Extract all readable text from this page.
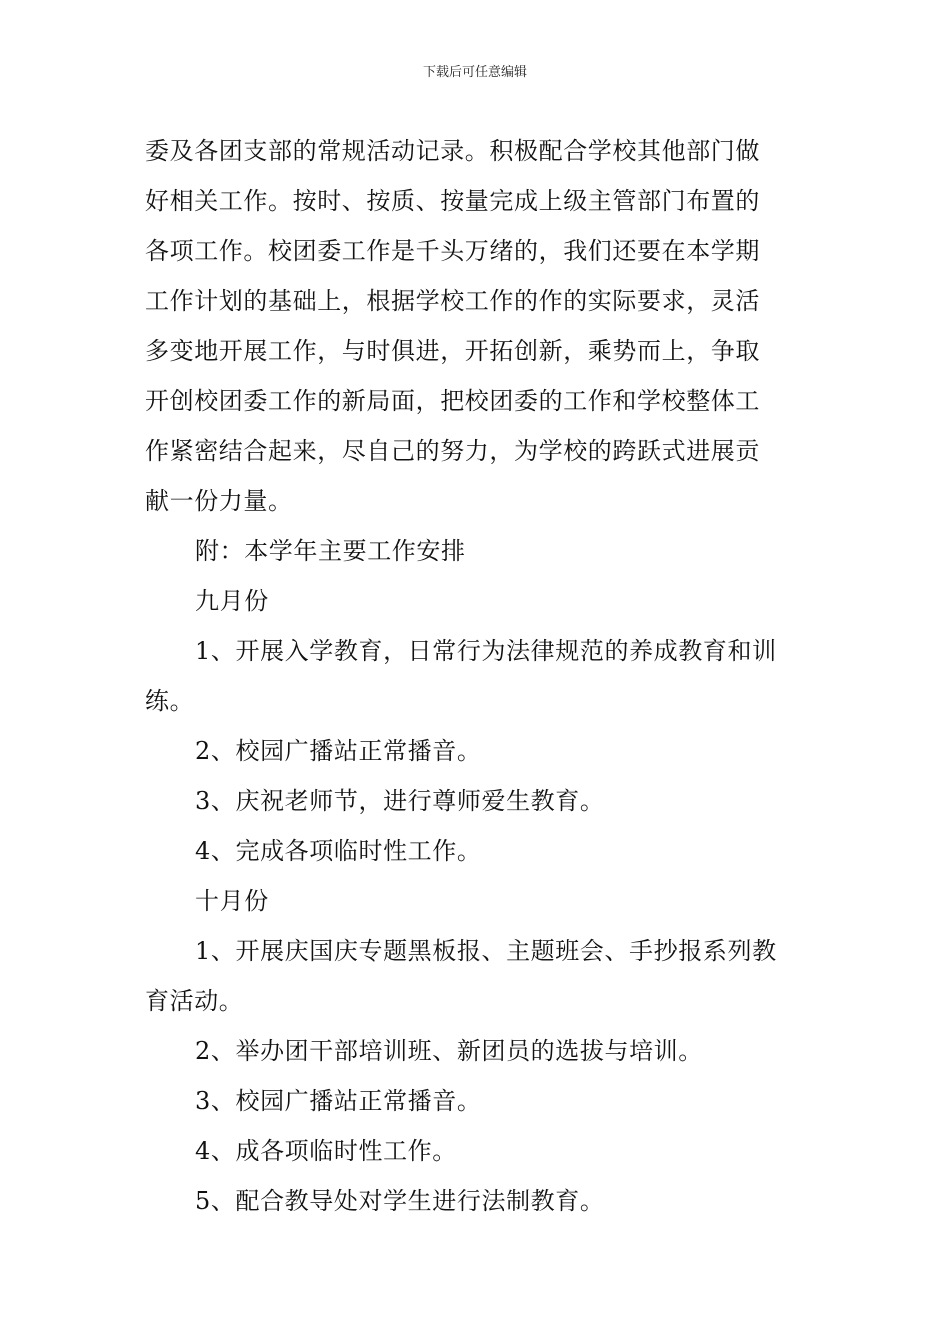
下载后可任意编辑
委及各团支部的常规活动记录。积极配合学校其他部门做
好相关工作。按时、按质、按量完成上级主管部门布置的
各项工作。校团委工作是千头万绪的，我们还要在本学期
工作计划的基础上，根据学校工作的作的实际要求，灵活
多变地开展工作，与时俱进，开拓创新，乘势而上，争取
开创校团委工作的新局面，把校团委的工作和学校整体工
作紧密结合起来，尽自己的努力，为学校的跨跃式进展贡
献一份力量。
附：本学年主要工作安排
九月份
1、开展入学教育，日常行为法律规范的养成教育和训
练。
2、校园广播站正常播音。
3、庆祝老师节，进行尊师爱生教育。
4、完成各项临时性工作。
十月份
1、开展庆国庆专题黑板报、主题班会、手抄报系列教
育活动。
2、举办团干部培训班、新团员的选拔与培训。
3、校园广播站正常播音。
4、成各项临时性工作。
5、配合教导处对学生进行法制教育。
